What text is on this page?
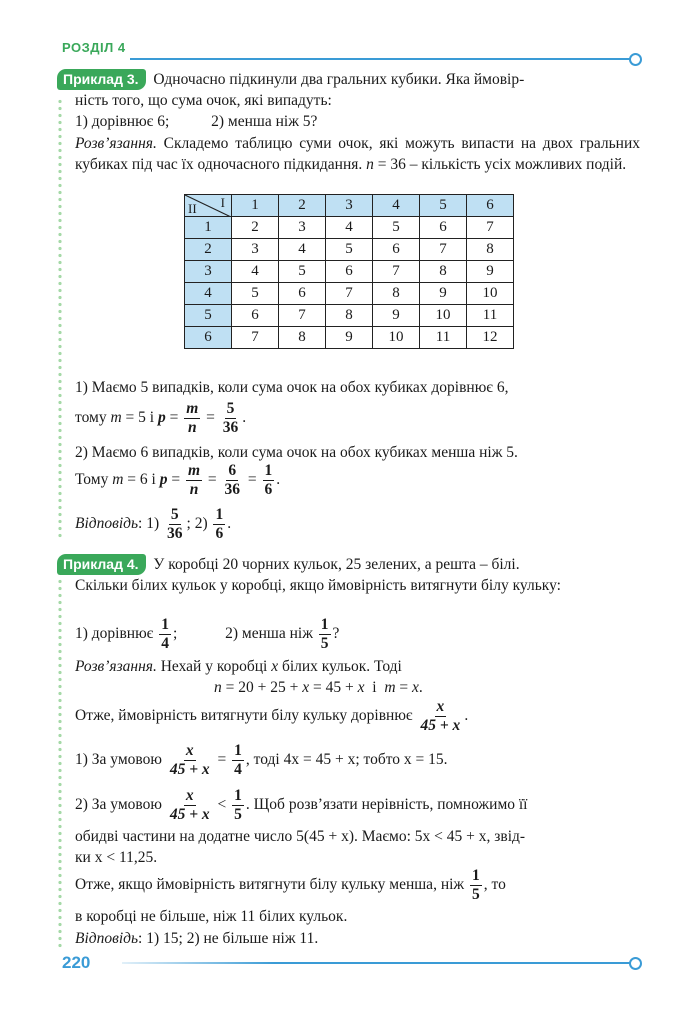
РОЗДІЛ 4
Приклад 3. Одночасно підкинули два гральних кубики. Яка ймовір-
ність того, що сума очок, які випадуть:
1) дорівнює 6;	2) менша ніж 5?
Розв’язання. Складемо таблицю суми очок, які можуть випасти на двох гральних кубиках під час їх одночасного підкидання. n = 36 – кількість усіх можливих подій.
I
II	1	2	3	4	5	6
1	2	3	4	5	6	7
2	3	4	5	6	7	8
3	4	5	6	7	8	9
4	5	6	7	8	9	10
5	6	7	8	9	10	11
6	7	8	9	10	11	12
1) Маємо 5 випадків, коли сума очок на обох кубиках дорівнює 6,
тому m = 5 і $p = \frac{m}{n} = \frac{5}{36}$ .
2) Маємо 6 випадків, коли сума очок на обох кубиках менша ніж 5.
Тому m = 6 і $p = \frac{m}{n} = \frac{6}{36} = \frac{1}{6}$ .
Відповідь: $1) \frac{5}{36}$ ; $2) \frac{1}{6}$ .
Приклад 4. У коробці 20 чорних кульок, 25 зелених, а решта – білі.
Скільки білих кульок у коробці, якщо ймовірність витягнути білу кульку:
1) дорівнює $\frac{1}{4}$ ;	2) менша ніж $\frac{1}{5}$ ?
Розв’язання. Нехай у коробці x білих кульок. Тоді
n = 20 + 25 + x = 45 + x  і  m = x.
Отже, ймовірність витягнути білу кульку дорівнює $\frac{x}{45 + x}$ .
1) За умовою $\frac{x}{45 + x} = \frac{1}{4}$ , тоді 4x = 45 + x; тобто x = 15.
2) За умовою $\frac{x}{45 + x} < \frac{1}{5}$ . Щоб розв’язати нерівність, помножимо її
обидві частини на додатне число 5(45 + x). Маємо: 5x < 45 + x, звід-
ки x < 11,25.
Отже, якщо ймовірність витягнути білу кульку менша, ніж $\frac{1}{5}$ , то
в коробці не більше, ніж 11 білих кульок.
Відповідь: 1) 15; 2) не більше ніж 11.
220
